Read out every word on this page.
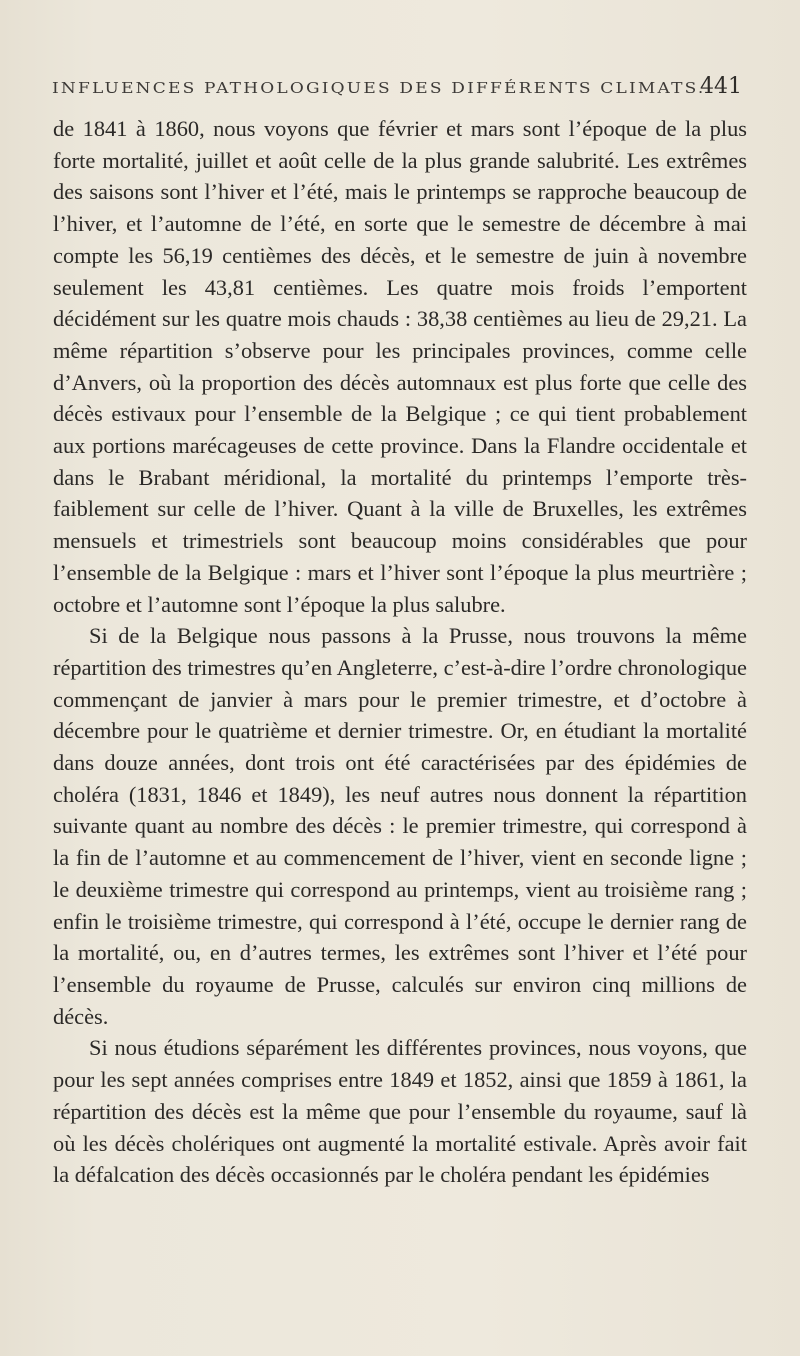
INFLUENCES PATHOLOGIQUES DES DIFFÉRENTS CLIMATS.
441

de 1841 à 1860, nous voyons que février et mars sont l’époque de la plus forte mortalité, juillet et août celle de la plus grande salubrité. Les extrêmes des saisons sont l’hiver et l’été, mais le printemps se rapproche beaucoup de l’hiver, et l’automne de l’été, en sorte que le semestre de décembre à mai compte les 56,19 centièmes des décès, et le semestre de juin à novembre seulement les 43,81 centièmes. Les quatre mois froids l’emportent décidément sur les quatre mois chauds : 38,38 centièmes au lieu de 29,21. La même répartition s’observe pour les principales provinces, comme celle d’Anvers, où la proportion des décès automnaux est plus forte que celle des décès estivaux pour l’ensemble de la Belgique ; ce qui tient probablement aux portions marécageuses de cette province. Dans la Flandre occidentale et dans le Brabant méridional, la mortalité du printemps l’emporte très-faiblement sur celle de l’hiver. Quant à la ville de Bruxelles, les extrêmes mensuels et trimestriels sont beaucoup moins considérables que pour l’ensemble de la Belgique : mars et l’hiver sont l’époque la plus meurtrière ; octobre et l’automne sont l’époque la plus salubre.

Si de la Belgique nous passons à la Prusse, nous trouvons la même répartition des trimestres qu’en Angleterre, c’est-à-dire l’ordre chronologique commençant de janvier à mars pour le premier trimestre, et d’octobre à décembre pour le quatrième et dernier trimestre. Or, en étudiant la mortalité dans douze années, dont trois ont été caractérisées par des épidémies de choléra (1831, 1846 et 1849), les neuf autres nous donnent la répartition suivante quant au nombre des décès : le premier trimestre, qui correspond à la fin de l’automne et au commencement de l’hiver, vient en seconde ligne ; le deuxième trimestre qui correspond au printemps, vient au troisième rang ; enfin le troisième trimestre, qui correspond à l’été, occupe le dernier rang de la mortalité, ou, en d’autres termes, les extrêmes sont l’hiver et l’été pour l’ensemble du royaume de Prusse, calculés sur environ cinq millions de décès.

Si nous étudions séparément les différentes provinces, nous voyons, que pour les sept années comprises entre 1849 et 1852, ainsi que 1859 à 1861, la répartition des décès est la même que pour l’ensemble du royaume, sauf là où les décès cholériques ont augmenté la mortalité estivale. Après avoir fait la défalcation des décès occasionnés par le choléra pendant les épidémies
